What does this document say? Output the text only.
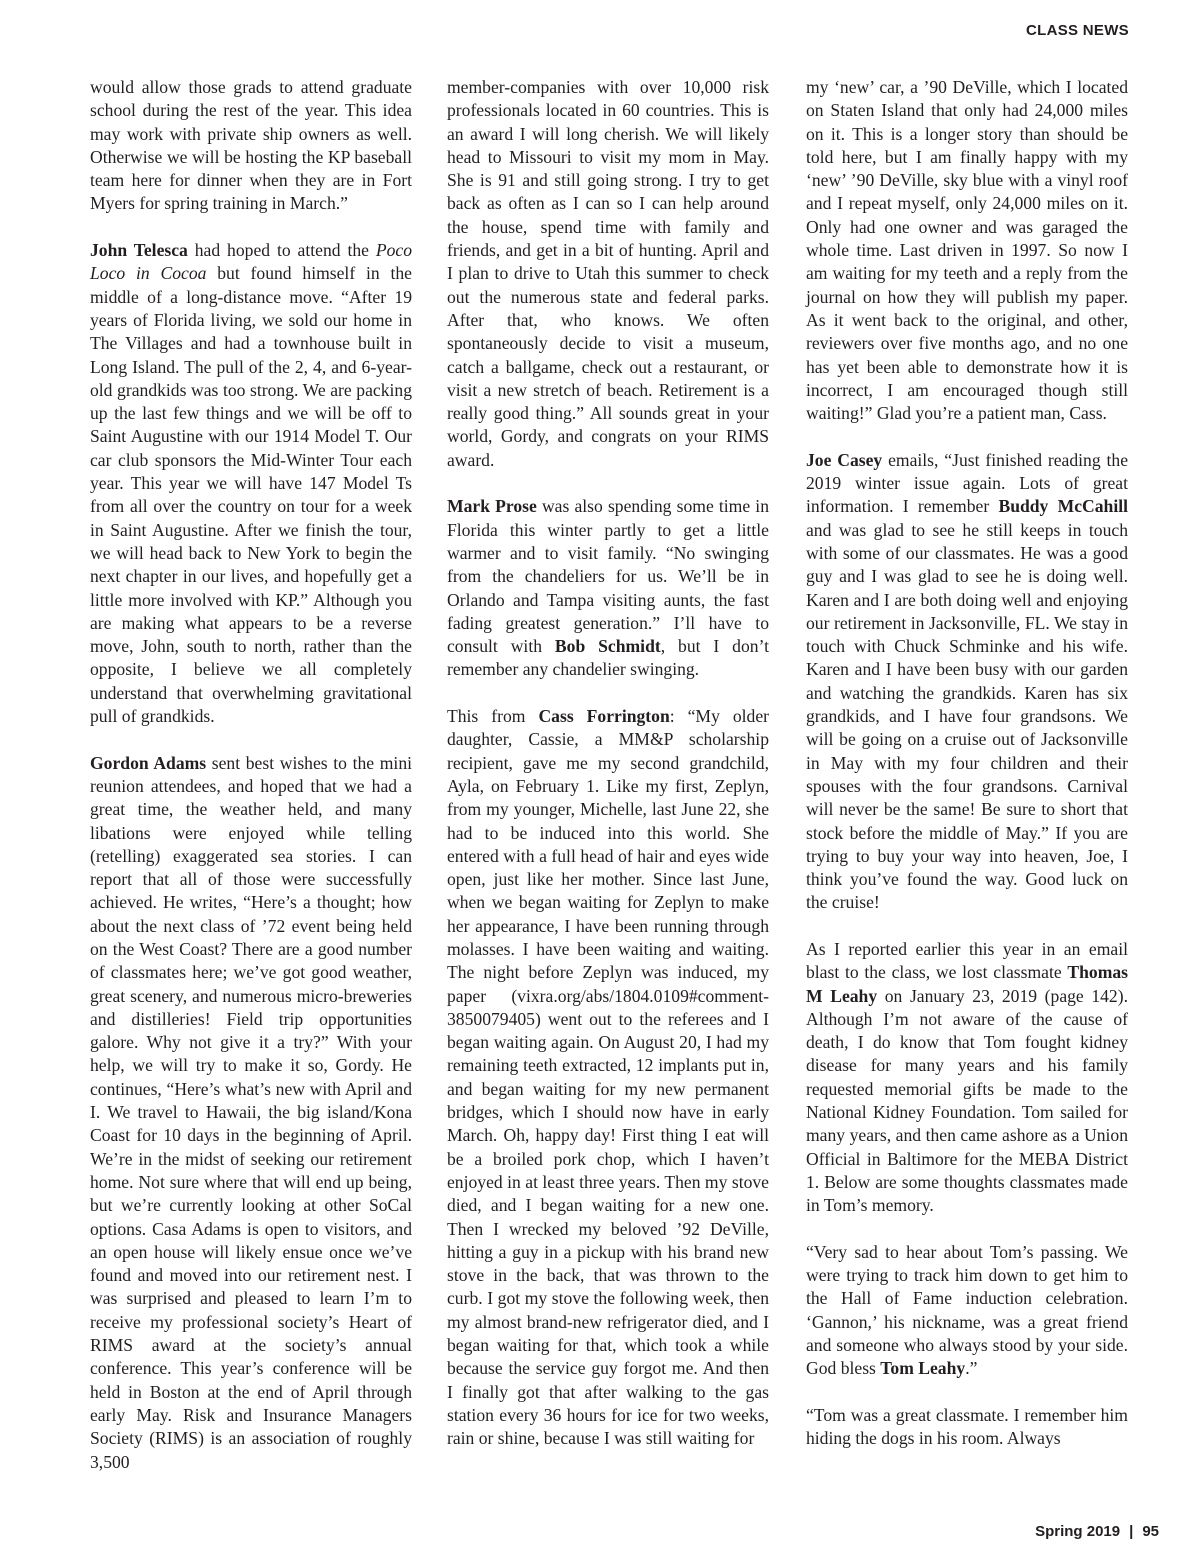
CLASS NEWS

would allow those grads to attend graduate school during the rest of the year. This idea may work with private ship owners as well. Otherwise we will be hosting the KP baseball team here for dinner when they are in Fort Myers for spring training in March.”

John Telesca had hoped to attend the Poco Loco in Cocoa but found himself in the middle of a long-distance move. “After 19 years of Florida living, we sold our home in The Villages and had a townhouse built in Long Island. The pull of the 2, 4, and 6-year-old grandkids was too strong. We are packing up the last few things and we will be off to Saint Augustine with our 1914 Model T. Our car club sponsors the Mid-Winter Tour each year. This year we will have 147 Model Ts from all over the country on tour for a week in Saint Augustine. After we finish the tour, we will head back to New York to begin the next chapter in our lives, and hopefully get a little more involved with KP.” Although you are making what appears to be a reverse move, John, south to north, rather than the opposite, I believe we all completely understand that overwhelming gravitational pull of grandkids.

Gordon Adams sent best wishes to the mini reunion attendees, and hoped that we had a great time, the weather held, and many libations were enjoyed while telling (retelling) exaggerated sea stories. I can report that all of those were successfully achieved. He writes, “Here’s a thought; how about the next class of ’72 event being held on the West Coast? There are a good number of classmates here; we’ve got good weather, great scenery, and numerous micro-breweries and distilleries! Field trip opportunities galore. Why not give it a try?” With your help, we will try to make it so, Gordy. He continues, “Here’s what’s new with April and I. We travel to Hawaii, the big island/Kona Coast for 10 days in the beginning of April. We’re in the midst of seeking our retirement home. Not sure where that will end up being, but we’re currently looking at other SoCal options. Casa Adams is open to visitors, and an open house will likely ensue once we’ve found and moved into our retirement nest. I was surprised and pleased to learn I’m to receive my professional society’s Heart of RIMS award at the society’s annual conference. This year’s conference will be held in Boston at the end of April through early May. Risk and Insurance Managers Society (RIMS) is an association of roughly 3,500

member-companies with over 10,000 risk professionals located in 60 countries. This is an award I will long cherish. We will likely head to Missouri to visit my mom in May. She is 91 and still going strong. I try to get back as often as I can so I can help around the house, spend time with family and friends, and get in a bit of hunting. April and I plan to drive to Utah this summer to check out the numerous state and federal parks. After that, who knows. We often spontaneously decide to visit a museum, catch a ballgame, check out a restaurant, or visit a new stretch of beach. Retirement is a really good thing.” All sounds great in your world, Gordy, and congrats on your RIMS award.

Mark Prose was also spending some time in Florida this winter partly to get a little warmer and to visit family. “No swinging from the chandeliers for us. We’ll be in Orlando and Tampa visiting aunts, the fast fading greatest generation.” I’ll have to consult with Bob Schmidt, but I don’t remember any chandelier swinging.

This from Cass Forrington: “My older daughter, Cassie, a MM&P scholarship recipient, gave me my second grandchild, Ayla, on February 1. Like my first, Zeplyn, from my younger, Michelle, last June 22, she had to be induced into this world. She entered with a full head of hair and eyes wide open, just like her mother. Since last June, when we began waiting for Zeplyn to make her appearance, I have been running through molasses. I have been waiting and waiting. The night before Zeplyn was induced, my paper (vixra.org/abs/1804.0109#comment-3850079405) went out to the referees and I began waiting again. On August 20, I had my remaining teeth extracted, 12 implants put in, and began waiting for my new permanent bridges, which I should now have in early March. Oh, happy day! First thing I eat will be a broiled pork chop, which I haven’t enjoyed in at least three years. Then my stove died, and I began waiting for a new one. Then I wrecked my beloved ’92 DeVille, hitting a guy in a pickup with his brand new stove in the back, that was thrown to the curb. I got my stove the following week, then my almost brand-new refrigerator died, and I began waiting for that, which took a while because the service guy forgot me. And then I finally got that after walking to the gas station every 36 hours for ice for two weeks, rain or shine, because I was still waiting for

my ‘new’ car, a ’90 DeVille, which I located on Staten Island that only had 24,000 miles on it. This is a longer story than should be told here, but I am finally happy with my ‘new’ ’90 DeVille, sky blue with a vinyl roof and I repeat myself, only 24,000 miles on it. Only had one owner and was garaged the whole time. Last driven in 1997. So now I am waiting for my teeth and a reply from the journal on how they will publish my paper. As it went back to the original, and other, reviewers over five months ago, and no one has yet been able to demonstrate how it is incorrect, I am encouraged though still waiting!” Glad you’re a patient man, Cass.

Joe Casey emails, “Just finished reading the 2019 winter issue again. Lots of great information. I remember Buddy McCahill and was glad to see he still keeps in touch with some of our classmates. He was a good guy and I was glad to see he is doing well. Karen and I are both doing well and enjoying our retirement in Jacksonville, FL. We stay in touch with Chuck Schminke and his wife. Karen and I have been busy with our garden and watching the grandkids. Karen has six grandkids, and I have four grandsons. We will be going on a cruise out of Jacksonville in May with my four children and their spouses with the four grandsons. Carnival will never be the same! Be sure to short that stock before the middle of May.” If you are trying to buy your way into heaven, Joe, I think you’ve found the way. Good luck on the cruise!

As I reported earlier this year in an email blast to the class, we lost classmate Thomas M Leahy on January 23, 2019 (page 142). Although I’m not aware of the cause of death, I do know that Tom fought kidney disease for many years and his family requested memorial gifts be made to the National Kidney Foundation. Tom sailed for many years, and then came ashore as a Union Official in Baltimore for the MEBA District 1. Below are some thoughts classmates made in Tom’s memory.

“Very sad to hear about Tom’s passing. We were trying to track him down to get him to the Hall of Fame induction celebration. ‘Gannon,’ his nickname, was a great friend and someone who always stood by your side. God bless Tom Leahy.”

“Tom was a great classmate. I remember him hiding the dogs in his room. Always

Spring 2019 | 95
